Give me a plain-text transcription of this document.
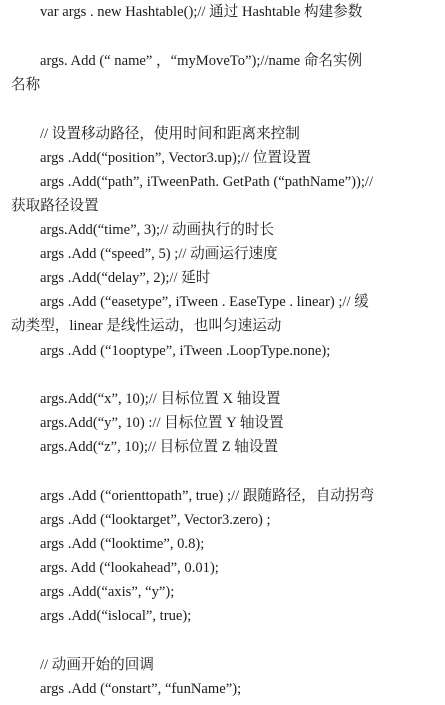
var args . new Hashtable();// 通过 Hashtable 构建参数
args. Add (“ name” ，“myMoveTo”);//name 命名实例
名称
// 设置移动路径，使用时间和距离来控制
args .Add(“position”, Vector3.up);// 位置设置
args .Add(“path”, iTweenPath. GetPath (“pathName”));//
获取路径设置
args.Add(“time”, 3);// 动画执行的时长
args .Add (“speed”, 5) ;// 动画运行速度
args .Add(“delay”, 2);// 延时
args .Add (“easetype”, iTween . EaseType . linear) ;// 缓
动类型，linear 是线性运动，也叫匀速运动
args .Add (“1ooptype”, iTween .LoopType.none);
args.Add(“x”, 10);// 目标位置 X 轴设置
args.Add(“y”, 10) :// 目标位置 Y 轴设置
args.Add(“z”, 10);// 目标位置 Z 轴设置
args .Add (“orienttopath”, true) ;// 跟随路径，自动拐弯
args .Add (“looktarget”, Vector3.zero) ;
args .Add (“looktime”, 0.8);
args. Add (“lookahead”, 0.01);
args .Add(“axis”, “y”);
args .Add(“islocal”, true);
// 动画开始的回调
args .Add (“onstart”, “funName”);
